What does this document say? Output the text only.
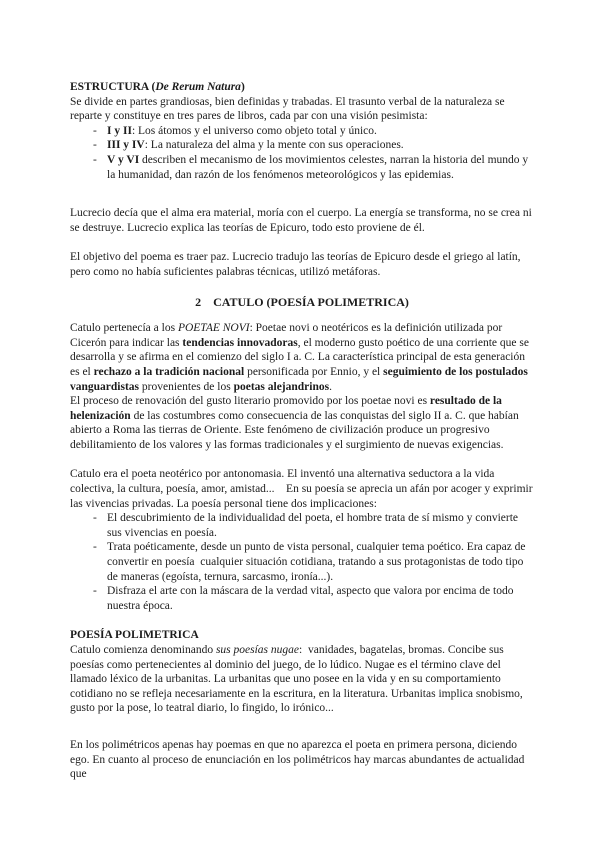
ESTRUCTURA (De Rerum Natura)

Se divide en partes grandiosas, bien definidas y trabadas. El trasunto verbal de la naturaleza se reparte y constituye en tres pares de libros, cada par con una visión pesimista:

- I y II: Los átomos y el universo como objeto total y único.
- III y IV: La naturaleza del alma y la mente con sus operaciones.
- V y VI describen el mecanismo de los movimientos celestes, narran la historia del mundo y la humanidad, dan razón de los fenómenos meteorológicos y las epidemias.

Lucrecio decía que el alma era material, moría con el cuerpo. La energía se transforma, no se crea ni se destruye. Lucrecio explica las teorías de Epicuro, todo esto proviene de él.

El objetivo del poema es traer paz. Lucrecio tradujo las teorías de Epicuro desde el griego al latín, pero como no había suficientes palabras técnicas, utilizó metáforas.

2    CATULO (POESÍA POLIMETRICA)

Catulo pertenecía a los POETAE NOVI: Poetae novi o neotéricos es la definición utilizada por Cicerón para indicar las tendencias innovadoras, el moderno gusto poético de una corriente que se desarrolla y se afirma en el comienzo del siglo I a. C. La característica principal de esta generación es el rechazo a la tradición nacional personificada por Ennio, y el seguimiento de los postulados vanguardistas provenientes de los poetas alejandrinos.

El proceso de renovación del gusto literario promovido por los poetae novi es resultado de la helenización de las costumbres como consecuencia de las conquistas del siglo II a. C. que habían abierto a Roma las tierras de Oriente. Este fenómeno de civilización produce un progresivo debilitamiento de los valores y las formas tradicionales y el surgimiento de nuevas exigencias.

Catulo era el poeta neotérico por antonomasia. El inventó una alternativa seductora a la vida colectiva, la cultura, poesía, amor, amistad...    En su poesía se aprecia un afán por acoger y exprimir las vivencias privadas. La poesía personal tiene dos implicaciones:

- El descubrimiento de la individualidad del poeta, el hombre trata de sí mismo y convierte sus vivencias en poesía.
- Trata poéticamente, desde un punto de vista personal, cualquier tema poético. Era capaz de convertir en poesía  cualquier situación cotidiana, tratando a sus protagonistas de todo tipo de maneras (egoísta, ternura, sarcasmo, ironía...).
- Disfraza el arte con la máscara de la verdad vital, aspecto que valora por encima de todo nuestra época.

POESÍA POLIMETRICA

Catulo comienza denominando sus poesías nugae:  vanidades, bagatelas, bromas. Concibe sus poesías como pertenecientes al dominio del juego, de lo lúdico. Nugae es el término clave del llamado léxico de la urbanitas. La urbanitas que uno posee en la vida y en su comportamiento cotidiano no se refleja necesariamente en la escritura, en la literatura. Urbanitas implica snobismo, gusto por la pose, lo teatral diario, lo fingido, lo irónico...

En los polimétricos apenas hay poemas en que no aparezca el poeta en primera persona, diciendo ego. En cuanto al proceso de enunciación en los polimétricos hay marcas abundantes de actualidad que
